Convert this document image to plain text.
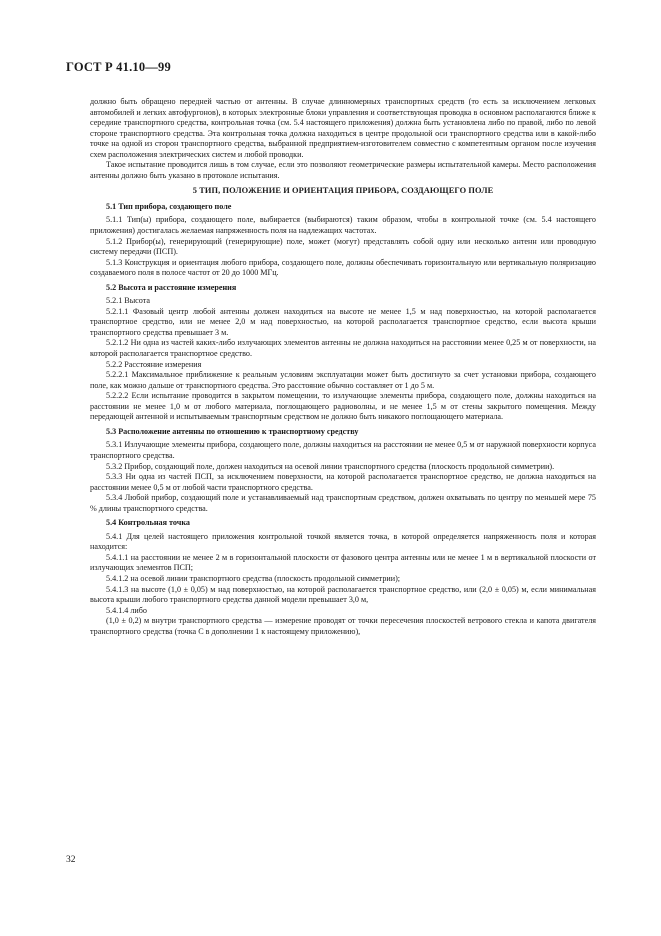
ГОСТ Р 41.10—99

должно быть обращено передней частью от антенны. В случае длинномерных транспортных средств (то есть за исключением легковых автомобилей и легких автофургонов), в которых электронные блоки управления и соответствующая проводка в основном располагаются ближе к середине транспортного средства, контрольная точка (см. 5.4 настоящего приложения) должна быть установлена либо по правой, либо по левой стороне транспортного средства. Эта контрольная точка должна находиться в центре продольной оси транспортного средства или в какой-либо точке на одной из сторон транспортного средства, выбранной предприятием-изготовителем совместно с компетентным органом после изучения схем расположения электрических систем и любой проводки.

Такое испытание проводится лишь в том случае, если это позволяют геометрические размеры испытательной камеры. Место расположения антенны должно быть указано в протоколе испытания.

5 ТИП, ПОЛОЖЕНИЕ И ОРИЕНТАЦИЯ ПРИБОРА, СОЗДАЮЩЕГО ПОЛЕ

5.1 Тип прибора, создающего поле

5.1.1 Тип(ы) прибора, создающего поле, выбирается (выбираются) таким образом, чтобы в контрольной точке (см. 5.4 настоящего приложения) достигалась желаемая напряженность поля на надлежащих частотах.

5.1.2 Прибор(ы), генерирующий (генерирующие) поле, может (могут) представлять собой одну или несколько антенн или проводную систему передачи (ПСП).

5.1.3 Конструкция и ориентация любого прибора, создающего поле, должны обеспечивать горизонтальную или вертикальную поляризацию создаваемого поля в полосе частот от 20 до 1000 МГц.

5.2 Высота и расстояние измерения

5.2.1 Высота

5.2.1.1 Фазовый центр любой антенны должен находиться на высоте не менее 1,5 м над поверхностью, на которой располагается транспортное средство, или не менее 2,0 м над поверхностью, на которой располагается транспортное средство, если высота крыши транспортного средства превышает 3 м.

5.2.1.2 Ни одна из частей каких-либо излучающих элементов антенны не должна находиться на расстоянии менее 0,25 м от поверхности, на которой располагается транспортное средство.

5.2.2 Расстояние измерения

5.2.2.1 Максимальное приближение к реальным условиям эксплуатации может быть достигнуто за счет установки прибора, создающего поле, как можно дальше от транспортного средства. Это расстояние обычно составляет от 1 до 5 м.

5.2.2.2 Если испытание проводится в закрытом помещении, то излучающие элементы прибора, создающего поле, должны находиться на расстоянии не менее 1,0 м от любого материала, поглощающего радиоволны, и не менее 1,5 м от стены закрытого помещения. Между передающей антенной и испытываемым транспортным средством не должно быть никакого поглощающего материала.

5.3 Расположение антенны по отношению к транспортному средству

5.3.1 Излучающие элементы прибора, создающего поле, должны находиться на расстоянии не менее 0,5 м от наружной поверхности корпуса транспортного средства.

5.3.2 Прибор, создающий поле, должен находиться на осевой линии транспортного средства (плоскость продольной симметрии).

5.3.3 Ни одна из частей ПСП, за исключением поверхности, на которой располагается транспортное средство, не должна находиться на расстоянии менее 0,5 м от любой части транспортного средства.

5.3.4 Любой прибор, создающий поле и устанавливаемый над транспортным средством, должен охватывать по центру по меньшей мере 75 % длины транспортного средства.

5.4 Контрольная точка

5.4.1 Для целей настоящего приложения контрольной точкой является точка, в которой определяется напряженность поля и которая находится:

5.4.1.1 на расстоянии не менее 2 м в горизонтальной плоскости от фазового центра антенны или не менее 1 м в вертикальной плоскости от излучающих элементов ПСП;

5.4.1.2 на осевой линии транспортного средства (плоскость продольной симметрии);

5.4.1.3 на высоте (1,0 ± 0,05) м над поверхностью, на которой располагается транспортное средство, или (2,0 ± 0,05) м, если минимальная высота крыши любого транспортного средства данной модели превышает 3,0 м,

5.4.1.4 либо

(1,0 ± 0,2) м внутри транспортного средства — измерение проводят от точки пересечения плоскостей ветрового стекла и капота двигателя транспортного средства (точка С в дополнении 1 к настоящему приложению),

32
